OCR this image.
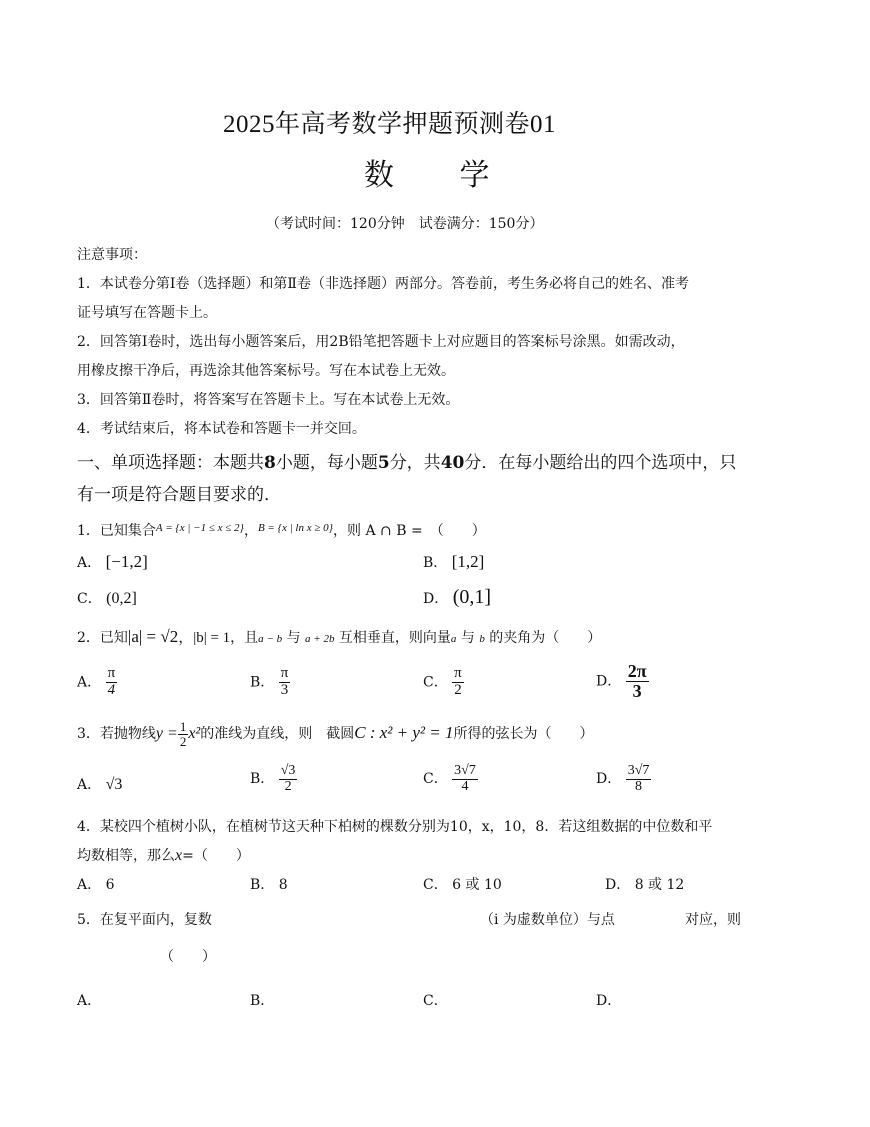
2025年高考数学押题预测卷01
数 学
（考试时间：120分钟　试卷满分：150分）
注意事项：
1．本试卷分第Ⅰ卷（选择题）和第Ⅱ卷（非选择题）两部分。答卷前，考生务必将自己的姓名、准考
证号填写在答题卡上。
2．回答第Ⅰ卷时，选出每小题答案后，用2B铅笔把答题卡上对应题目的答案标号涂黑。如需改动，
用橡皮擦干净后，再选涂其他答案标号。写在本试卷上无效。
3．回答第Ⅱ卷时，将答案写在答题卡上。写在本试卷上无效。
4．考试结束后，将本试卷和答题卡一并交回。
一、单项选择题：本题共8小题，每小题5分，共40分．在每小题给出的四个选项中，只
有一项是符合题目要求的．
1．已知集合$^{A = \{x | -1 \le x \le 2\}}$，$^{B = \{x | ln x \ge 0\}}$，则 A ∩ B =　（　　）
A． [−1,2]	B． [1,2]
C． (0,2]	D． (0,1]
2．已知|a| = √2，|b| = 1，且a − b 与 a + 2b 互相垂直，则向量a 与 b 的夹角为（　　）
A． $\frac{\pi}{4}$	B． $\frac{\pi}{3}$	C． $\frac{\pi}{2}$	D． $\frac{2\pi}{3}$
3．若抛物线$y = \frac{1}{2} x^2$的准线为直线，则　截圆C : x² + y² = 1所得的弦长为（　　）
A． √3	B． $\frac{√3}{2}$	C． $\frac{3√7}{4}$	D． $\frac{3√7}{8}$
4．某校四个植树小队，在植树节这天种下柏树的棵数分别为10，x，10，8．若这组数据的中位数和平
均数相等，那么x=（　　）
A． 6	B． 8	C． 6 或 10	D． 8 或 12
5．在复平面内，复数	（i 为虚数单位）与点	对应，则
（　　）
A．	B．	C．	D．
